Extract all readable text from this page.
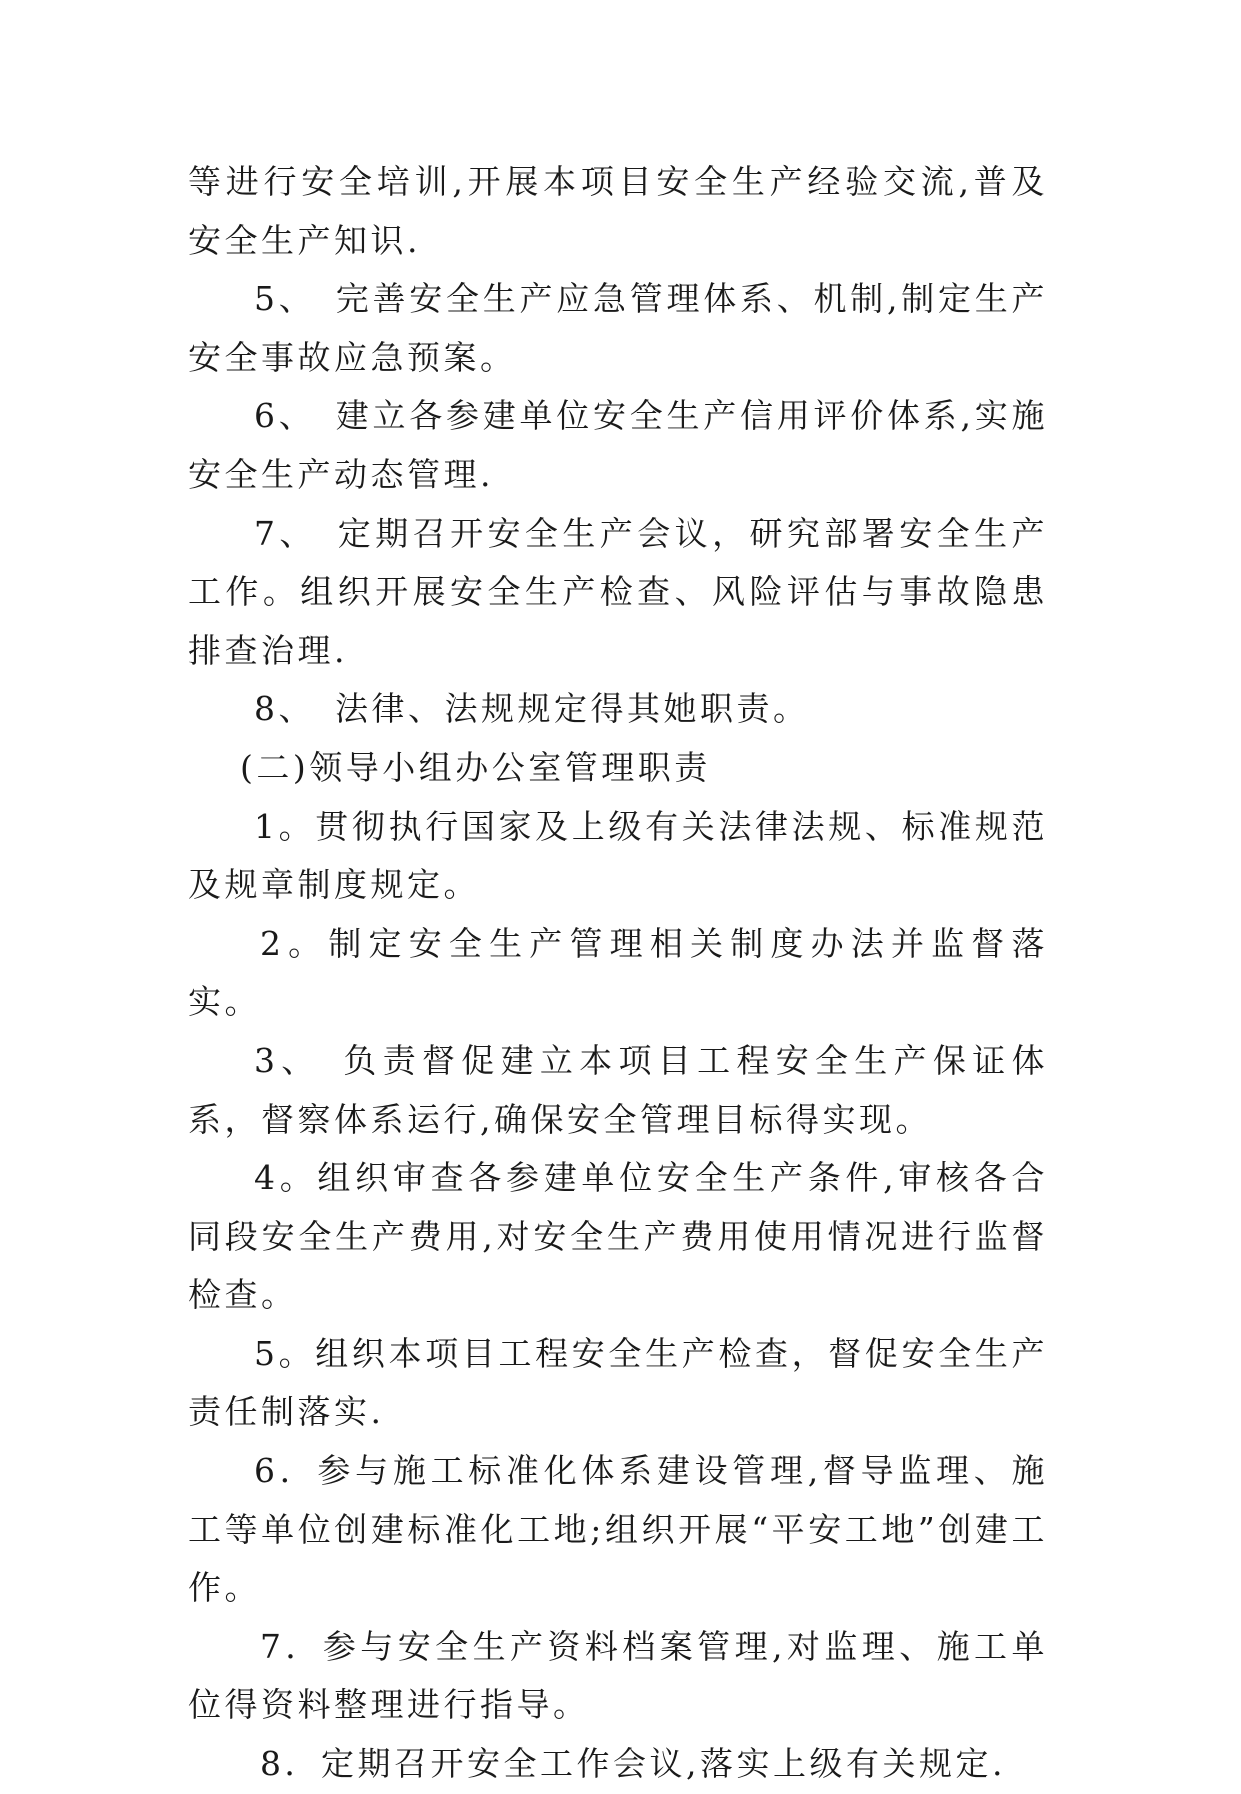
等进行安全培训,开展本项目安全生产经验交流,普及安全生产知识.

5、　完善安全生产应急管理体系、机制,制定生产安全事故应急预案。

6、　建立各参建单位安全生产信用评价体系,实施安全生产动态管理.

7、　定期召开安全生产会议，研究部署安全生产工作。组织开展安全生产检查、风险评估与事故隐患排查治理.

8、　法律、法规规定得其她职责。

(二)领导小组办公室管理职责

1。贯彻执行国家及上级有关法律法规、标准规范及规章制度规定。

2。制定安全生产管理相关制度办法并监督落实。

3、　负责督促建立本项目工程安全生产保证体系，督察体系运行,确保安全管理目标得实现。

4。组织审查各参建单位安全生产条件,审核各合同段安全生产费用,对安全生产费用使用情况进行监督检查。

5。组织本项目工程安全生产检查，督促安全生产责任制落实.

6．参与施工标准化体系建设管理,督导监理、施工等单位创建标准化工地;组织开展“平安工地”创建工作。

7．参与安全生产资料档案管理,对监理、施工单位得资料整理进行指导。

8．定期召开安全工作会议,落实上级有关规定.
